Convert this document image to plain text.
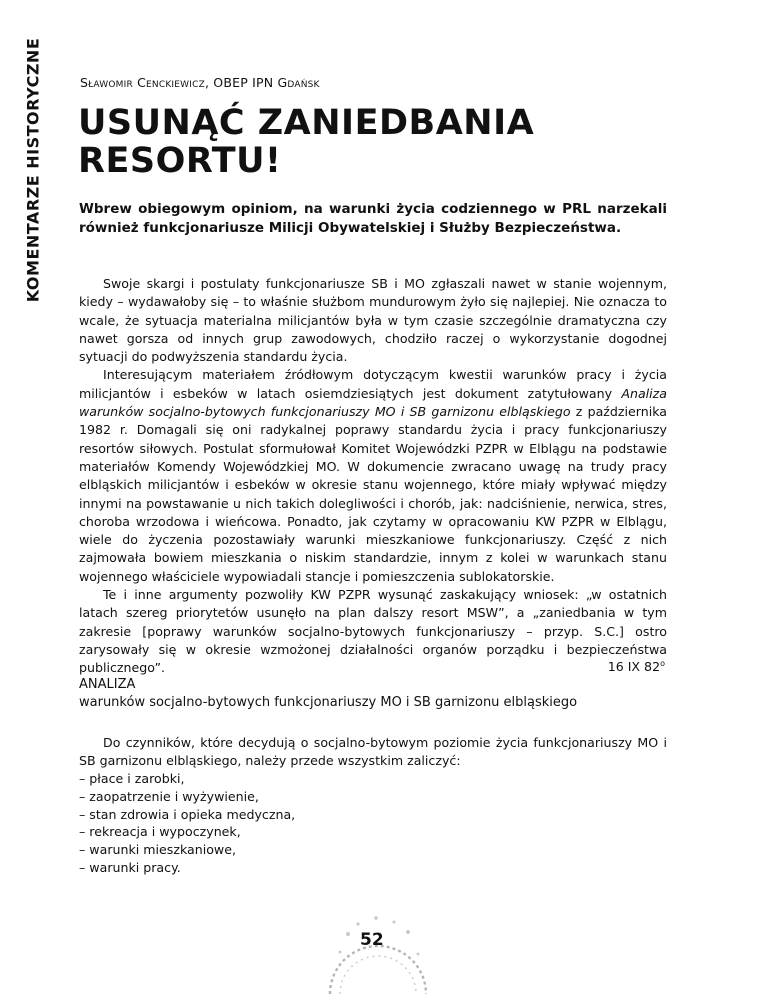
KOMENTARZE HISTORYCZNE	Sławomir Cenckiewicz, OBEP IPN Gdańsk
USUNĄĆ ZANIEDBANIA
RESORTU!

Wbrew obiegowym opiniom, na warunki życia codziennego w PRL narzekali również funkcjonariusze Milicji Obywatelskiej i Służby Bezpieczeństwa.

Swoje skargi i postulaty funkcjonariusze SB i MO zgłaszali nawet w stanie wojennym, kiedy – wydawałoby się – to właśnie służbom mundurowym żyło się najlepiej. Nie oznacza to wcale, że sytuacja materialna milicjantów była w tym czasie szczególnie dramatyczna czy nawet gorsza od innych grup zawodowych, chodziło raczej o wykorzystanie dogodnej sytuacji do podwyższenia standardu życia.

Interesującym materiałem źródłowym dotyczącym kwestii warunków pracy i życia milicjantów i esbeków w latach osiemdziesiątych jest dokument zatytułowany Analiza warunków socjalno-bytowych funkcjonariuszy MO i SB garnizonu elbląskiego z października 1982 r. Domagali się oni radykalnej poprawy standardu życia i pracy funkcjonariuszy resortów siłowych. Postulat sformułował Komitet Wojewódzki PZPR w Elblągu na podstawie materiałów Komendy Wojewódzkiej MO. W dokumencie zwracano uwagę na trudy pracy elbląskich milicjantów i esbeków w okresie stanu wojennego, które miały wpływać między innymi na powstawanie u nich takich dolegliwości i chorób, jak: nadciśnienie, nerwica, stres, choroba wrzodowa i wieńcowa. Ponadto, jak czytamy w opracowaniu KW PZPR w Elblągu, wiele do życzenia pozostawiały warunki mieszkaniowe funkcjonariuszy. Część z nich zajmowała bowiem mieszkania o niskim standardzie, innym z kolei w warunkach stanu wojennego właściciele wypowiadali stancje i pomieszczenia sublokatorskie.

Te i inne argumenty pozwoliły KW PZPR wysunąć zaskakujący wniosek: „w ostatnich latach szereg priorytetów usunęło na plan dalszy resort MSW”, a „zaniedbania w tym zakresie [poprawy warunków socjalno-bytowych funkcjonariuszy – przyp. S.C.] ostro zarysowały się w okresie wzmożonej działalności organów porządku i bezpieczeństwa publicznego”.	16 IX 82$^o$
ANALIZA
warunków socjalno-bytowych funkcjonariuszy MO i SB garnizonu elbląskiego
Do czynników, które decydują o socjalno-bytowym poziomie życia funkcjonariuszy MO i SB garnizonu elbląskiego, należy przede wszystkim zaliczyć:
– płace i zarobki,
– zaopatrzenie i wyżywienie,
– stan zdrowia i opieka medyczna,
– rekreacja i wypoczynek,
– warunki mieszkaniowe,
– warunki pracy.
52
